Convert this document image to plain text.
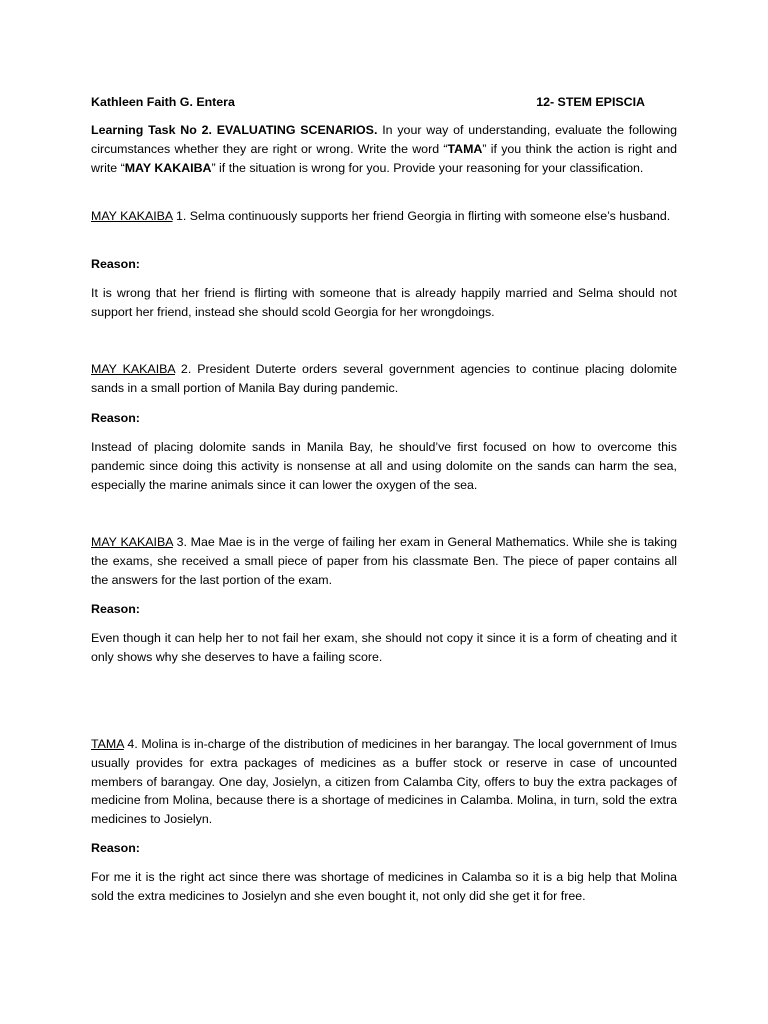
Kathleen Faith G. Entera	12- STEM EPISCIA

Learning Task No 2. EVALUATING SCENARIOS. In your way of understanding, evaluate the following circumstances whether they are right or wrong. Write the word “TAMA” if you think the action is right and write “MAY KAKAIBA” if the situation is wrong for you. Provide your reasoning for your classification.

MAY KAKAIBA 1. Selma continuously supports her friend Georgia in flirting with someone else’s husband.

Reason:

It is wrong that her friend is flirting with someone that is already happily married and Selma should not support her friend, instead she should scold Georgia for her wrongdoings.

MAY KAKAIBA 2. President Duterte orders several government agencies to continue placing dolomite sands in a small portion of Manila Bay during pandemic.

Reason:

Instead of placing dolomite sands in Manila Bay, he should’ve first focused on how to overcome this pandemic since doing this activity is nonsense at all and using dolomite on the sands can harm the sea, especially the marine animals since it can lower the oxygen of the sea.

MAY KAKAIBA 3. Mae Mae is in the verge of failing her exam in General Mathematics. While she is taking the exams, she received a small piece of paper from his classmate Ben. The piece of paper contains all the answers for the last portion of the exam.

Reason:

Even though it can help her to not fail her exam, she should not copy it since it is a form of cheating and it only shows why she deserves to have a failing score.

TAMA 4. Molina is in-charge of the distribution of medicines in her barangay. The local government of Imus usually provides for extra packages of medicines as a buffer stock or reserve in case of uncounted members of barangay. One day, Josielyn, a citizen from Calamba City, offers to buy the extra packages of medicine from Molina, because there is a shortage of medicines in Calamba. Molina, in turn, sold the extra medicines to Josielyn.

Reason:

For me it is the right act since there was shortage of medicines in Calamba so it is a big help that Molina sold the extra medicines to Josielyn and she even bought it, not only did she get it for free.
